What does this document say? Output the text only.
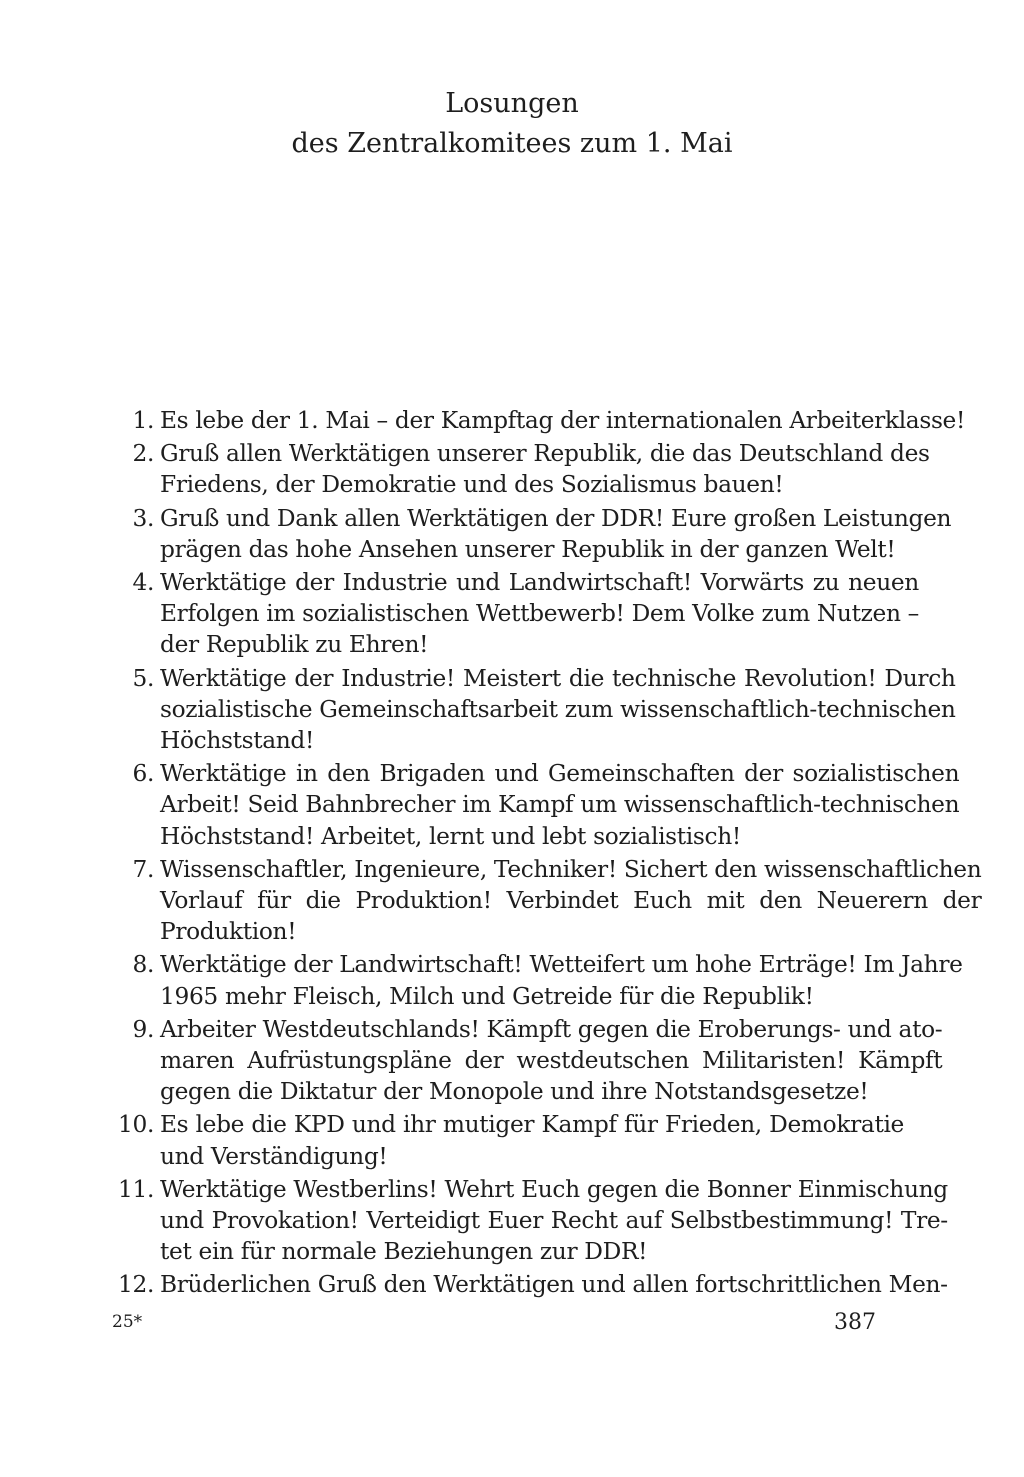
Losungen
des Zentralkomitees zum 1. Mai
1. Es lebe der 1. Mai – der Kampftag der internationalen Arbeiterklasse!
2. Gruß allen Werktätigen unserer Republik, die das Deutschland des
Friedens, der Demokratie und des Sozialismus bauen!
3. Gruß und Dank allen Werktätigen der DDR! Eure großen Leistungen
prägen das hohe Ansehen unserer Republik in der ganzen Welt!
4. Werktätige der Industrie und Landwirtschaft! Vorwärts zu neuen
Erfolgen im sozialistischen Wettbewerb! Dem Volke zum Nutzen –
der Republik zu Ehren!
5. Werktätige der Industrie! Meistert die technische Revolution! Durch
sozialistische Gemeinschaftsarbeit zum wissenschaftlich-technischen
Höchststand!
6. Werktätige in den Brigaden und Gemeinschaften der sozialistischen
Arbeit! Seid Bahnbrecher im Kampf um wissenschaftlich-technischen
Höchststand! Arbeitet, lernt und lebt sozialistisch!
7. Wissenschaftler, Ingenieure, Techniker! Sichert den wissenschaftlichen
Vorlauf für die Produktion! Verbindet Euch mit den Neuerern der
Produktion!
8. Werktätige der Landwirtschaft! Wetteifert um hohe Erträge! Im Jahre
1965 mehr Fleisch, Milch und Getreide für die Republik!
9. Arbeiter Westdeutschlands! Kämpft gegen die Eroberungs- und ato-
maren Aufrüstungspläne der westdeutschen Militaristen! Kämpft
gegen die Diktatur der Monopole und ihre Notstandsgesetze!
10. Es lebe die KPD und ihr mutiger Kampf für Frieden, Demokratie
und Verständigung!
11. Werktätige Westberlins! Wehrt Euch gegen die Bonner Einmischung
und Provokation! Verteidigt Euer Recht auf Selbstbestimmung! Tre-
tet ein für normale Beziehungen zur DDR!
12. Brüderlichen Gruß den Werktätigen und allen fortschrittlichen Men-
25*	387
